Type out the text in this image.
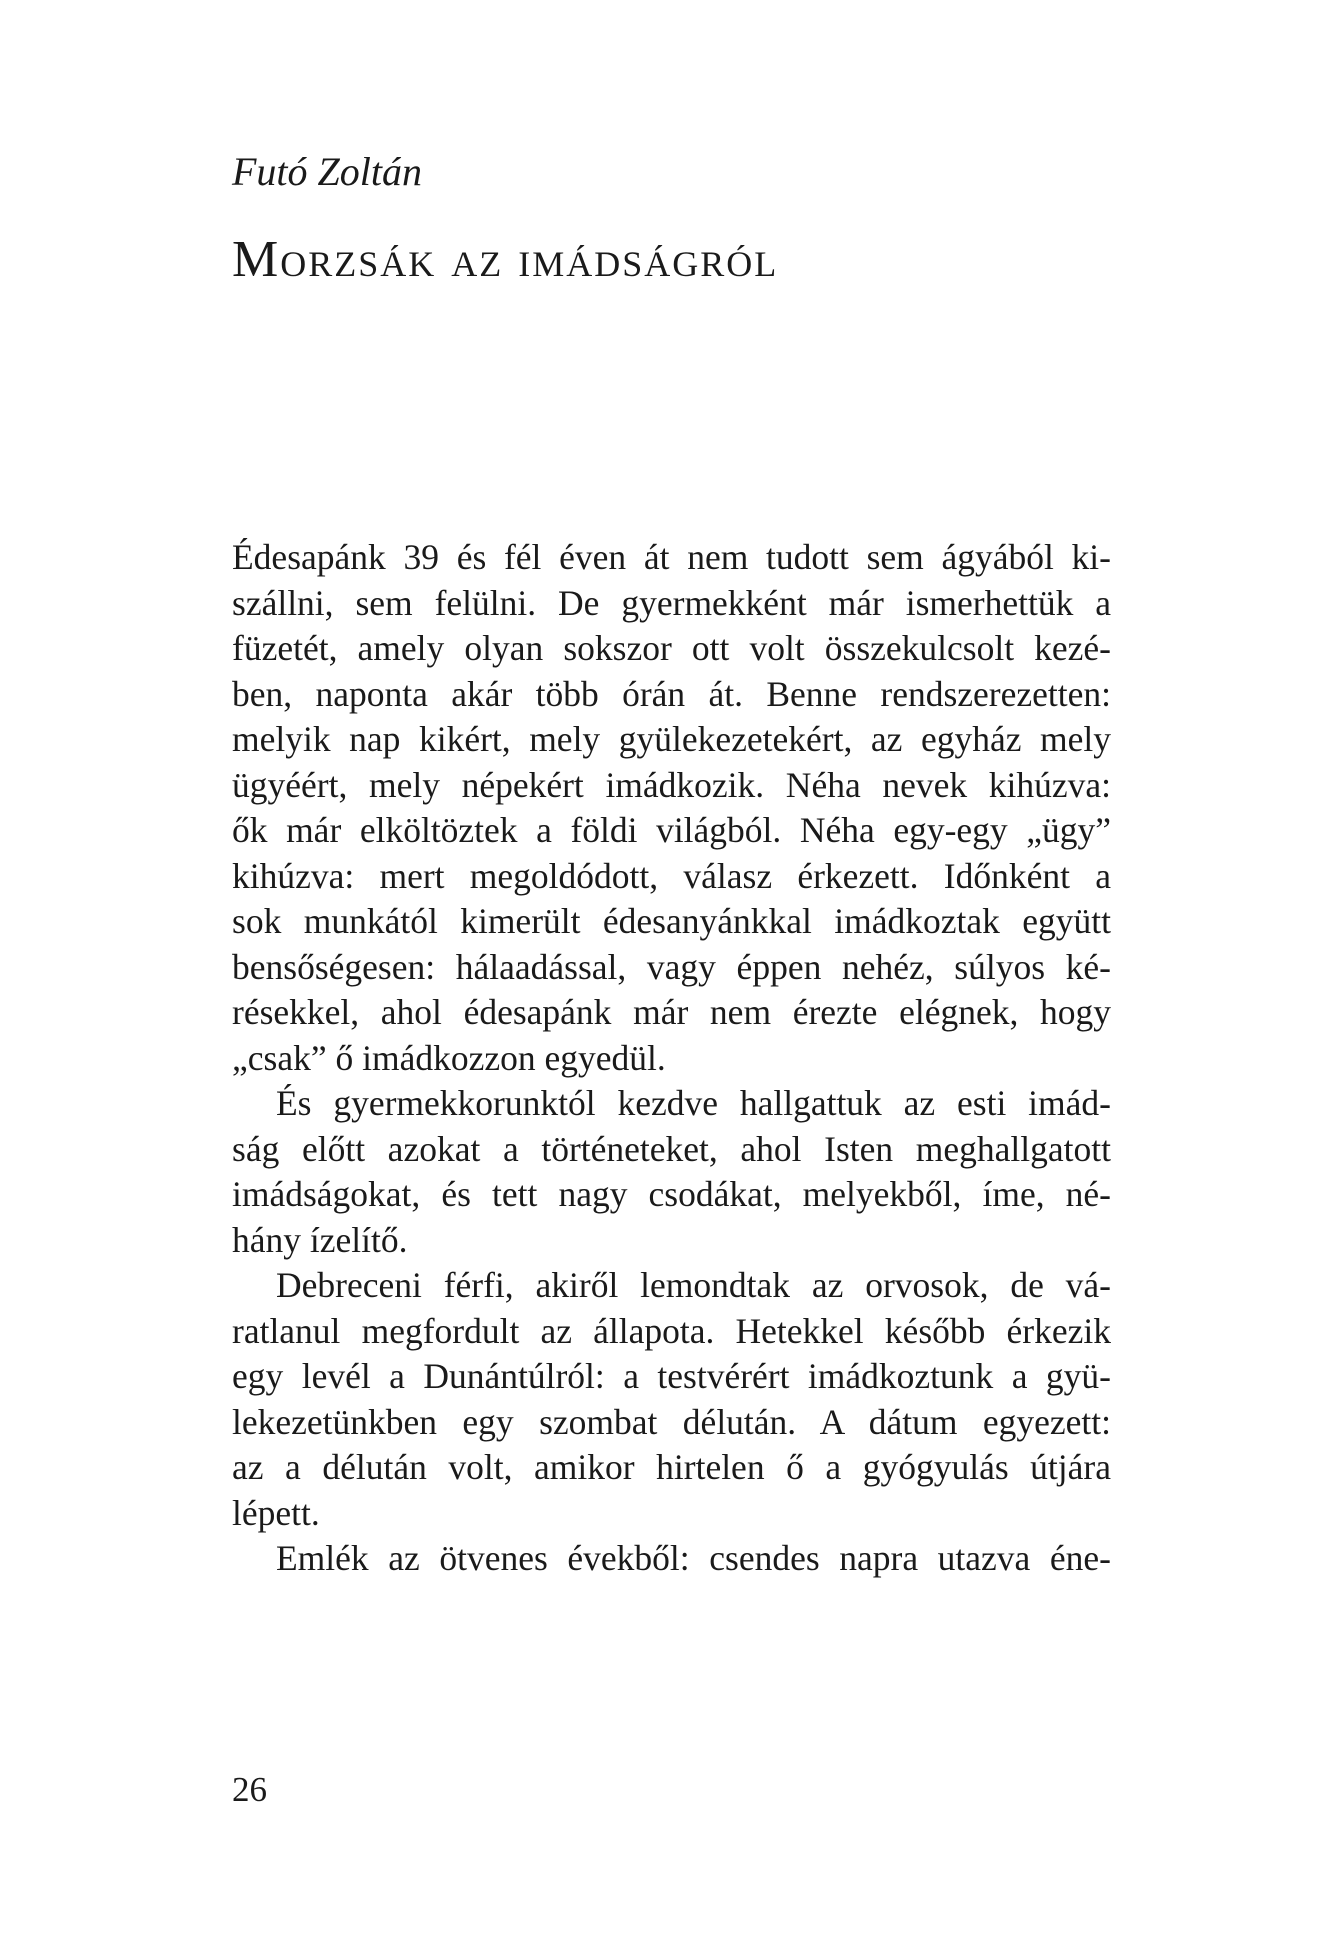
Futó Zoltán

Morzsák az imádságról

Édesapánk 39 és fél éven át nem tudott sem ágyából ki-
szállni, sem felülni. De gyermekként már ismerhettük a
füzetét, amely olyan sokszor ott volt összekulcsolt kezé-
ben, naponta akár több órán át. Benne rendszerezetten:
melyik nap kikért, mely gyülekezetekért, az egyház mely
ügyéért, mely népekért imádkozik. Néha nevek kihúzva:
ők már elköltöztek a földi világból. Néha egy-egy „ügy”
kihúzva: mert megoldódott, válasz érkezett. Időnként a
sok munkától kimerült édesanyánkkal imádkoztak együtt
bensőségesen: hálaadással, vagy éppen nehéz, súlyos ké-
résekkel, ahol édesapánk már nem érezte elégnek, hogy
„csak” ő imádkozzon egyedül.

És gyermekkorunktól kezdve hallgattuk az esti imád-
ság előtt azokat a történeteket, ahol Isten meghallgatott
imádságokat, és tett nagy csodákat, melyekből, íme, né-
hány ízelítő.

Debreceni férfi, akiről lemondtak az orvosok, de vá-
ratlanul megfordult az állapota. Hetekkel később érkezik
egy levél a Dunántúlról: a testvérért imádkoztunk a gyü-
lekezetünkben egy szombat délután. A dátum egyezett:
az a délután volt, amikor hirtelen ő a gyógyulás útjára
lépett.

Emlék az ötvenes évekből: csendes napra utazva éne-

26
